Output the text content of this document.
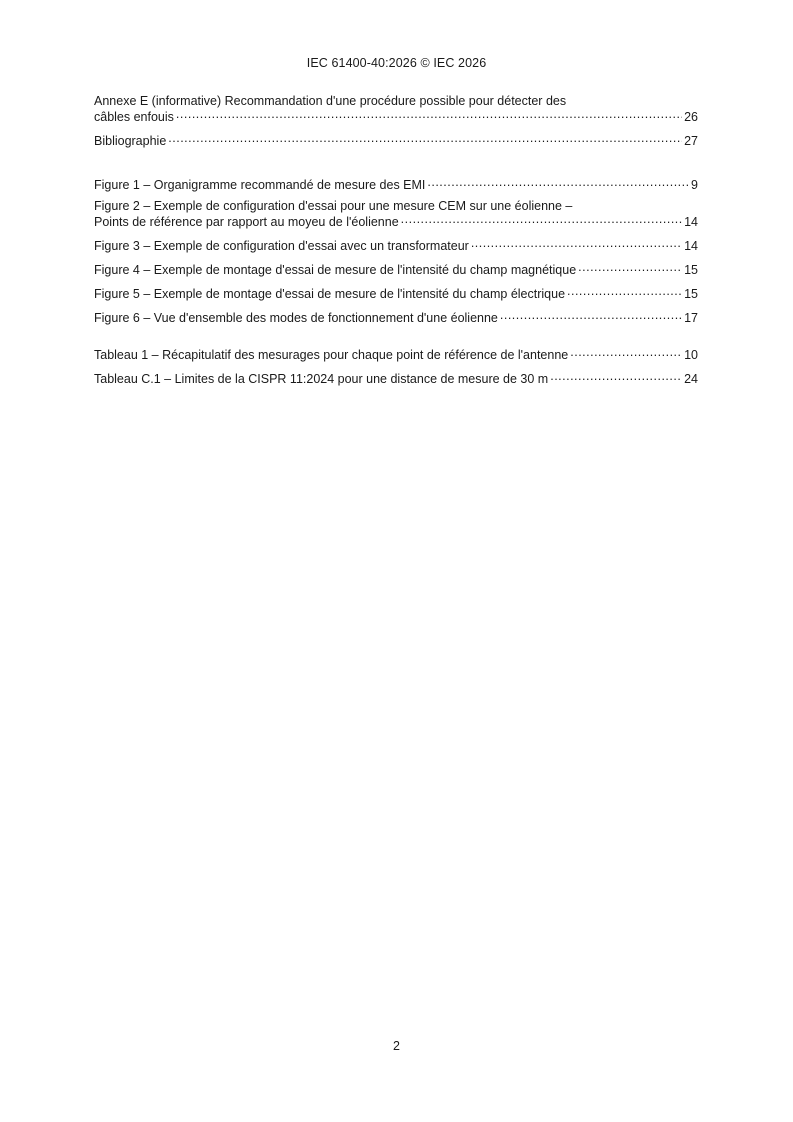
IEC 61400-40:2026 © IEC 2026
Annexe E (informative) Recommandation d'une procédure possible pour détecter des
câbles enfouis .....	26
Bibliographie .....	27
Figure 1 – Organigramme recommandé de mesure des EMI .....	9
Figure 2 – Exemple de configuration d'essai pour une mesure CEM sur une éolienne –
Points de référence par rapport au moyeu de l'éolienne .....	14
Figure 3 – Exemple de configuration d'essai avec un transformateur .....	14
Figure 4 – Exemple de montage d'essai de mesure de l'intensité du champ magnétique .....	15
Figure 5 – Exemple de montage d'essai de mesure de l'intensité du champ électrique .....	15
Figure 6 – Vue d'ensemble des modes de fonctionnement d'une éolienne .....	17
Tableau 1 – Récapitulatif des mesurages pour chaque point de référence de l'antenne .....	10
Tableau C.1 – Limites de la CISPR 11:2024 pour une distance de mesure de 30 m .....	24
2
